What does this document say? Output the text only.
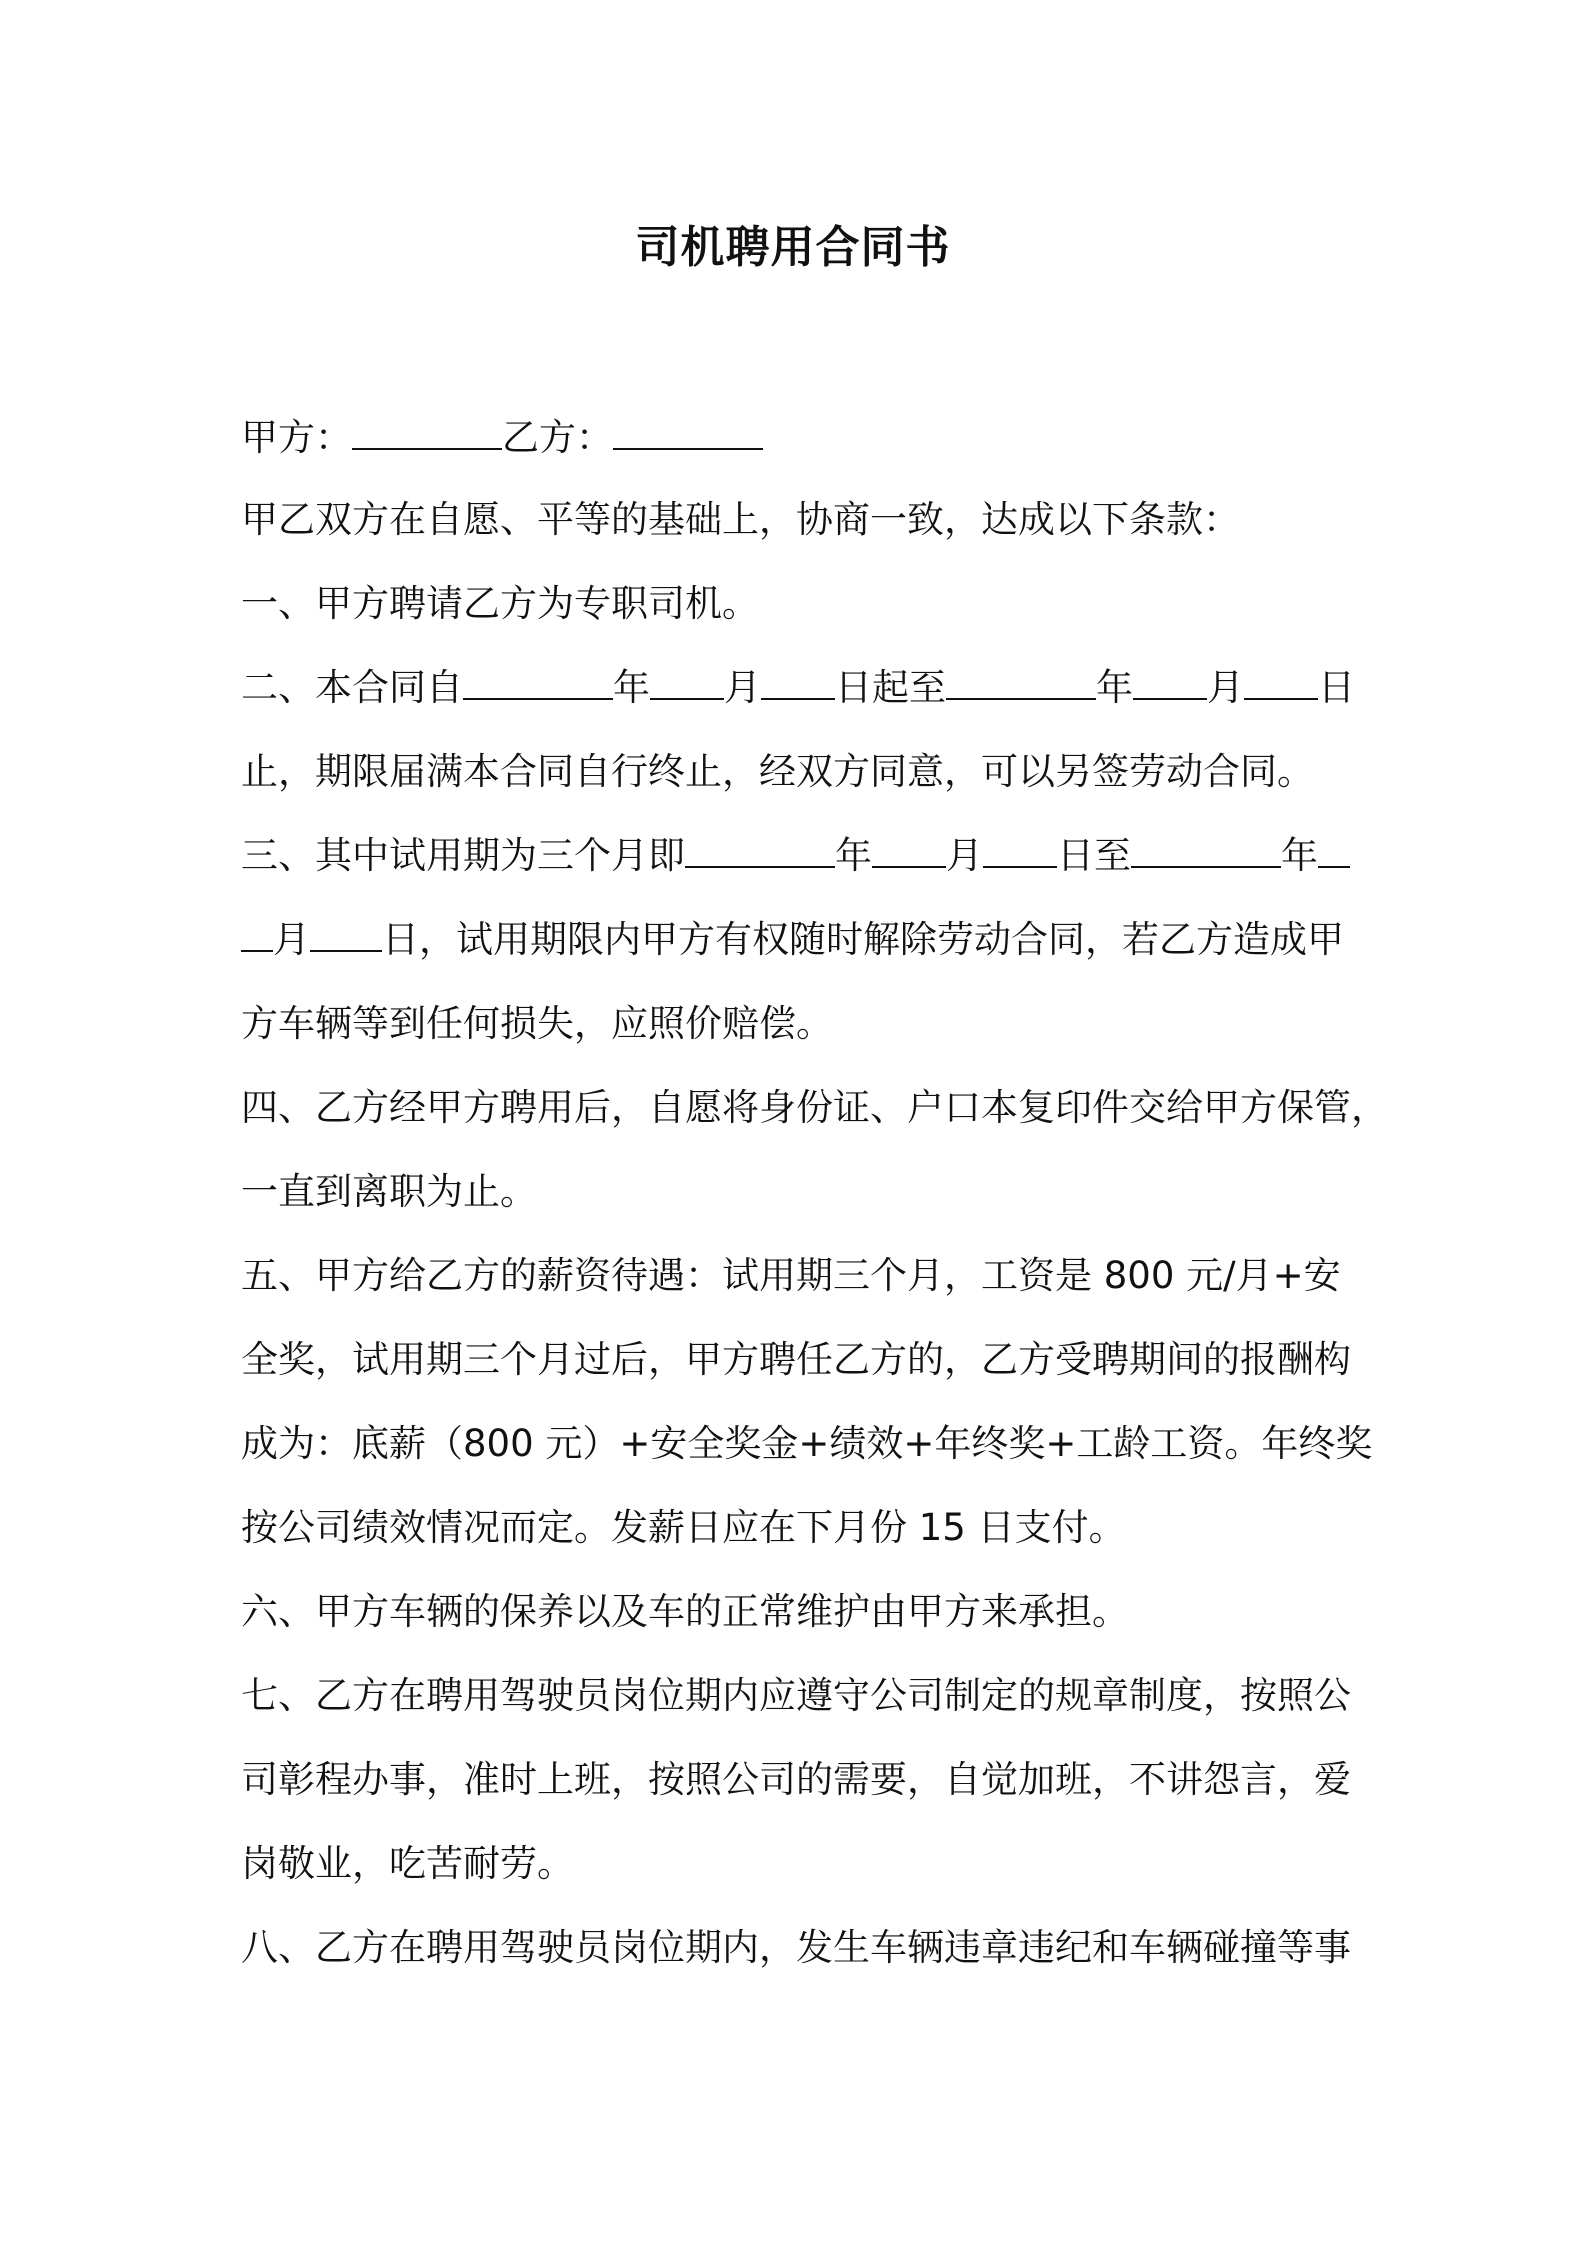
司机聘用合同书
甲方：	乙方：
甲乙双方在自愿、平等的基础上，协商一致，达成以下条款：
一、甲方聘请乙方为专职司机。
二、本合同自	年 月 日起至	年 月 日
止，期限届满本合同自行终止，经双方同意，可以另签劳动合同。
三、其中试用期为三个月即	年 月 日至	年
月 日，试用期限内甲方有权随时解除劳动合同，若乙方造成甲
方车辆等到任何损失，应照价赔偿。
四、乙方经甲方聘用后，自愿将身份证、户口本复印件交给甲方保管，
一直到离职为止。
五、甲方给乙方的薪资待遇：试用期三个月，工资是 800 元/月+安
全奖，试用期三个月过后，甲方聘任乙方的，乙方受聘期间的报酬构
成为：底薪（800 元）+安全奖金+绩效+年终奖+工龄工资。年终奖
按公司绩效情况而定。发薪日应在下月份 15 日支付。
六、甲方车辆的保养以及车的正常维护由甲方来承担。
七、乙方在聘用驾驶员岗位期内应遵守公司制定的规章制度，按照公
司彰程办事，准时上班，按照公司的需要，自觉加班，不讲怨言，爱
岗敬业，吃苦耐劳。
八、乙方在聘用驾驶员岗位期内，发生车辆违章违纪和车辆碰撞等事
